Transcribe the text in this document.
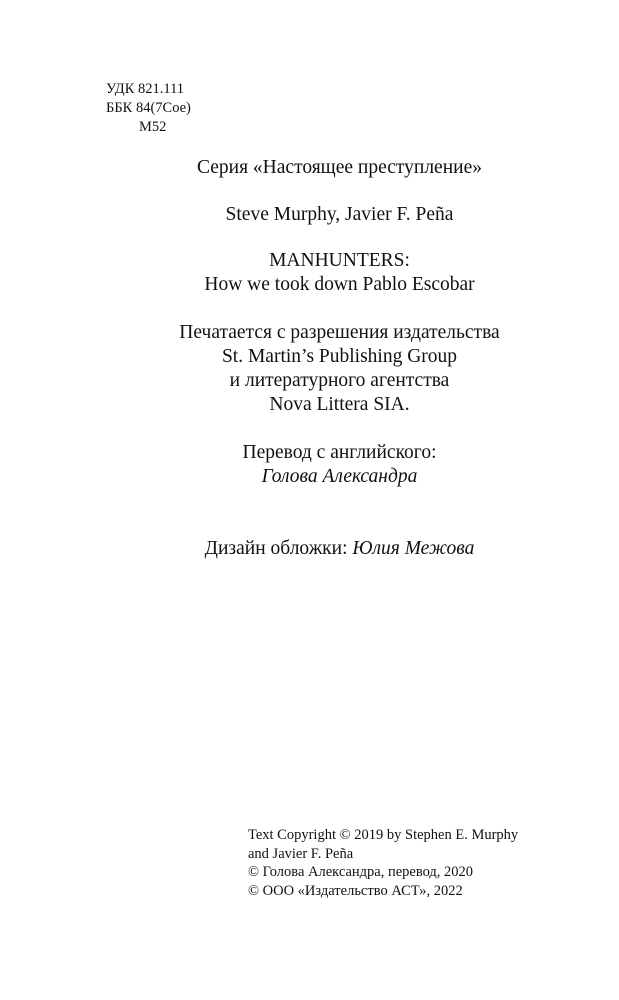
УДК 821.111
ББК 84(7Сое)
М52
Серия «Настоящее преступление»
Steve Murphy, Javier F. Peña
MANHUNTERS:
How we took down Pablo Escobar
Печатается с разрешения издательства
St. Martin’s Publishing Group
и литературного агентства
Nova Littera SIA.
Перевод с английского:
Голова Александра
Дизайн обложки: Юлия Межова
Text Copyright © 2019 by Stephen E. Murphy
and Javier F. Peña
© Голова Александра, перевод, 2020
© ООО «Издательство АСТ», 2022
